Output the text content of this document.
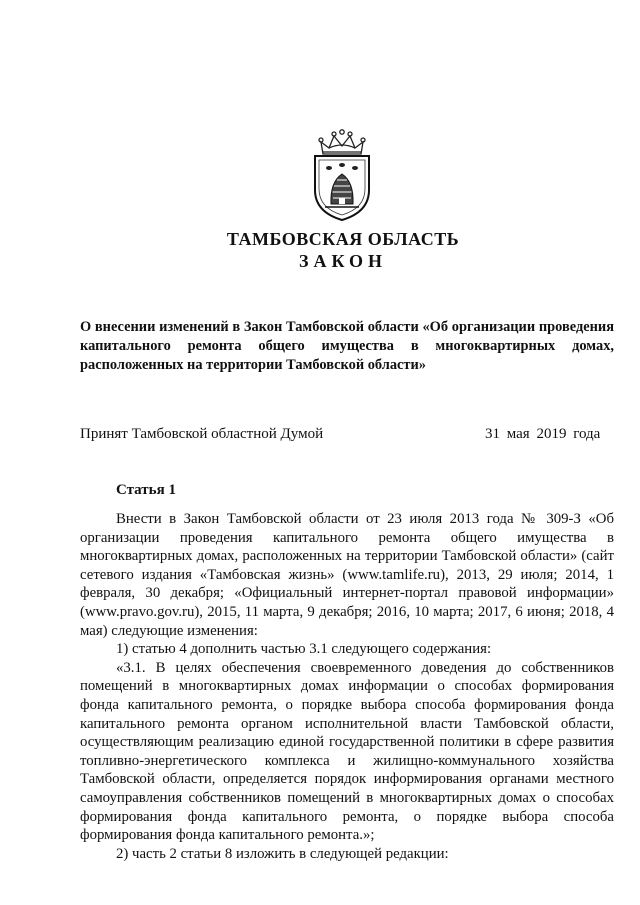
ТАМБОВСКАЯ ОБЛАСТЬ
ЗАКОН
О внесении изменений в Закон Тамбовской области «Об организации проведения капитального ремонта общего имущества в многоквартирных домах, расположенных на территории Тамбовской области»
Принят Тамбовской областной Думой	31 мая 2019 года
Статья 1

Внести в Закон Тамбовской области от 23 июля 2013 года № 309-З «Об организации проведения капитального ремонта общего имущества в многоквартирных домах, расположенных на территории Тамбовской области» (сайт сетевого издания «Тамбовская жизнь» (www.tamlife.ru), 2013, 29 июля; 2014, 1 февраля, 30 декабря; «Официальный интернет-портал правовой информации» (www.pravo.gov.ru), 2015, 11 марта, 9 декабря; 2016, 10 марта; 2017, 6 июня; 2018, 4 мая) следующие изменения:

1) статью 4 дополнить частью 3.1 следующего содержания:

«3.1. В целях обеспечения своевременного доведения до собственников помещений в многоквартирных домах информации о способах формирования фонда капитального ремонта, о порядке выбора способа формирования фонда капитального ремонта органом исполнительной власти Тамбовской области, осуществляющим реализацию единой государственной политики в сфере развития топливно-энергетического комплекса и жилищно-коммунального хозяйства Тамбовской области, определяется порядок информирования органами местного самоуправления собственников помещений в многоквартирных домах о способах формирования фонда капитального ремонта, о порядке выбора способа формирования фонда капитального ремонта.»;

2) часть 2 статьи 8 изложить в следующей редакции:
